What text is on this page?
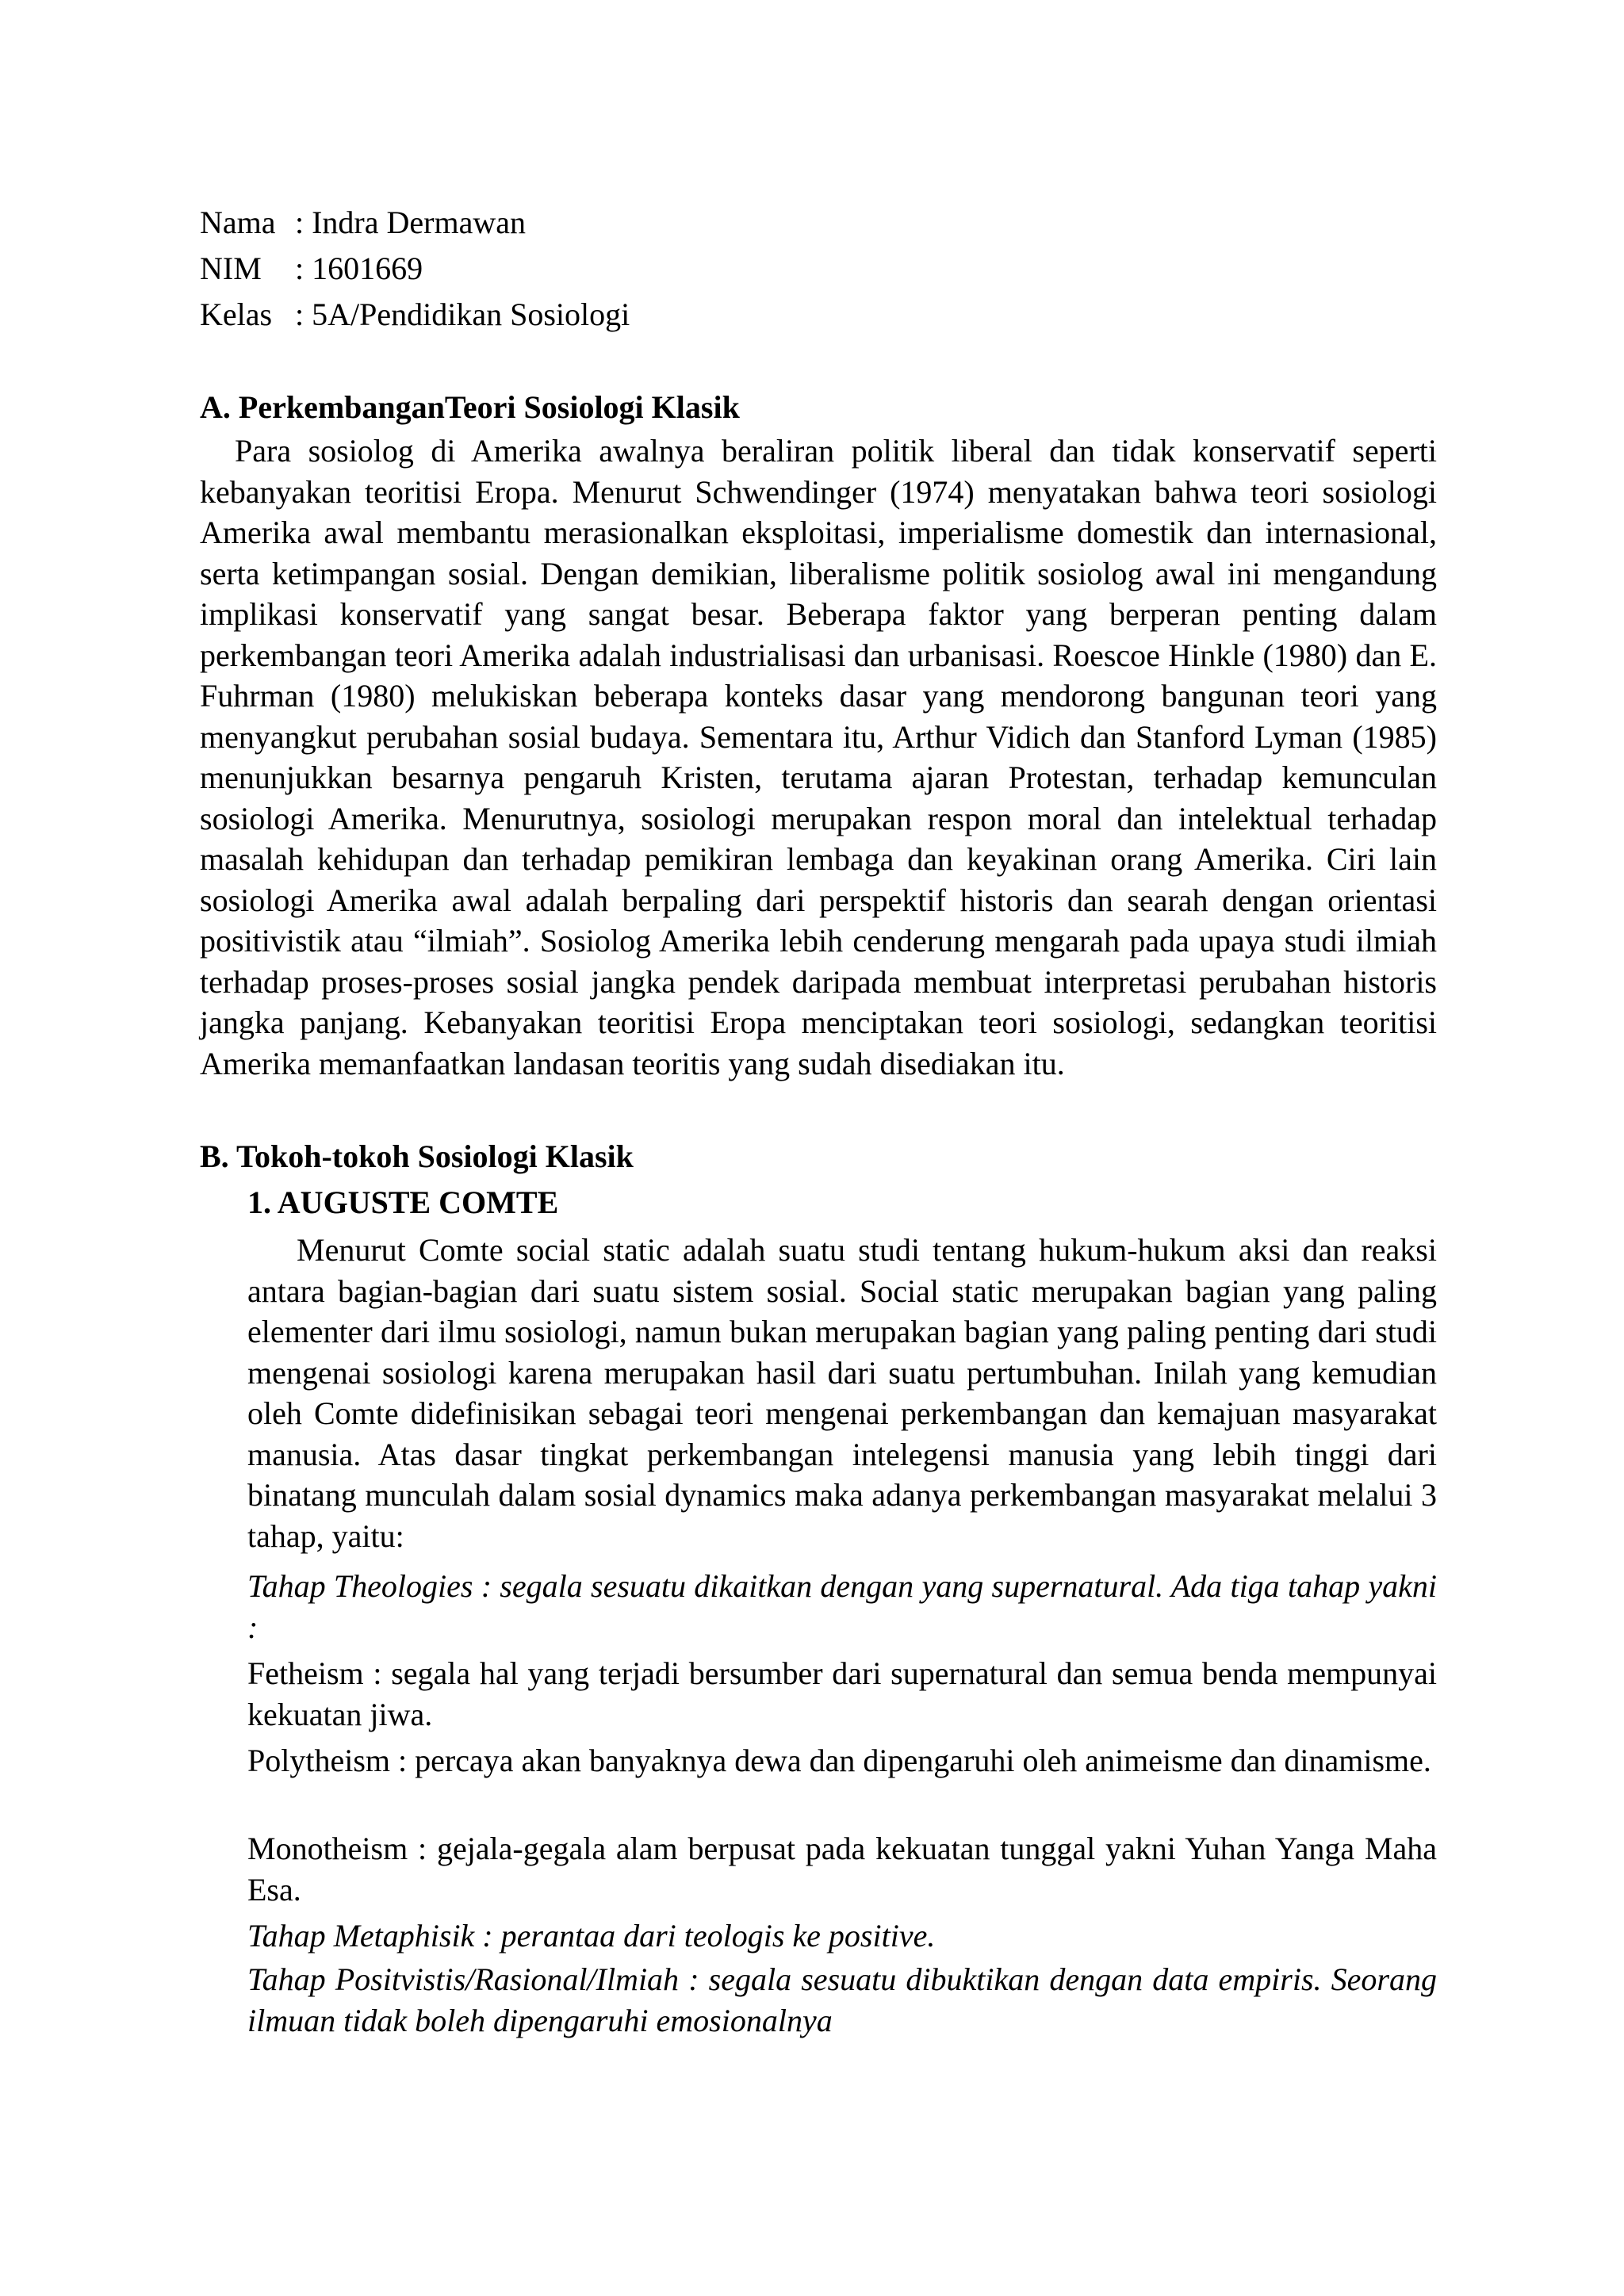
Nama : Indra Dermawan
NIM : 1601669
Kelas : 5A/Pendidikan Sosiologi
A. PerkembanganTeori Sosiologi Klasik

Para sosiolog di Amerika awalnya beraliran politik liberal dan tidak konservatif seperti kebanyakan teoritisi Eropa. Menurut Schwendinger (1974) menyatakan bahwa teori sosiologi Amerika awal membantu merasionalkan eksploitasi, imperialisme domestik dan internasional, serta ketimpangan sosial. Dengan demikian, liberalisme politik sosiolog awal ini mengandung implikasi konservatif yang sangat besar. Beberapa faktor yang berperan penting dalam perkembangan teori Amerika adalah industrialisasi dan urbanisasi. Roescoe Hinkle (1980) dan E. Fuhrman (1980) melukiskan beberapa konteks dasar yang mendorong bangunan teori yang menyangkut perubahan sosial budaya. Sementara itu, Arthur Vidich dan Stanford Lyman (1985) menunjukkan besarnya pengaruh Kristen, terutama ajaran Protestan, terhadap kemunculan sosiologi Amerika. Menurutnya, sosiologi merupakan respon moral dan intelektual terhadap masalah kehidupan dan terhadap pemikiran lembaga dan keyakinan orang Amerika. Ciri lain sosiologi Amerika awal adalah berpaling dari perspektif historis dan searah dengan orientasi positivistik atau “ilmiah”. Sosiolog Amerika lebih cenderung mengarah pada upaya studi ilmiah terhadap proses-proses sosial jangka pendek daripada membuat interpretasi perubahan historis jangka panjang. Kebanyakan teoritisi Eropa menciptakan teori sosiologi, sedangkan teoritisi Amerika memanfaatkan landasan teoritis yang sudah disediakan itu.

B. Tokoh-tokoh Sosiologi Klasik
1. AUGUSTE COMTE

Menurut Comte social static adalah suatu studi tentang hukum-hukum aksi dan reaksi antara bagian-bagian dari suatu sistem sosial. Social static merupakan bagian yang paling elementer dari ilmu sosiologi, namun bukan merupakan bagian yang paling penting dari studi mengenai sosiologi karena merupakan hasil dari suatu pertumbuhan. Inilah yang kemudian oleh Comte didefinisikan sebagai teori mengenai perkembangan dan kemajuan masyarakat manusia. Atas dasar tingkat perkembangan intelegensi manusia yang lebih tinggi dari binatang munculah dalam sosial dynamics maka adanya perkembangan masyarakat melalui 3 tahap, yaitu:

Tahap Theologies : segala sesuatu dikaitkan dengan yang supernatural. Ada tiga tahap yakni :

Fetheism : segala hal yang terjadi bersumber dari supernatural dan semua benda mempunyai kekuatan jiwa.

Polytheism : percaya akan banyaknya dewa dan dipengaruhi oleh animeisme dan dinamisme.

Monotheism : gejala-gegala alam berpusat pada kekuatan tunggal yakni Yuhan Yanga Maha Esa.

Tahap Metaphisik : perantaa dari teologis ke positive.

Tahap Positvistis/Rasional/Ilmiah : segala sesuatu dibuktikan dengan data empiris. Seorang ilmuan tidak boleh dipengaruhi emosionalnya
